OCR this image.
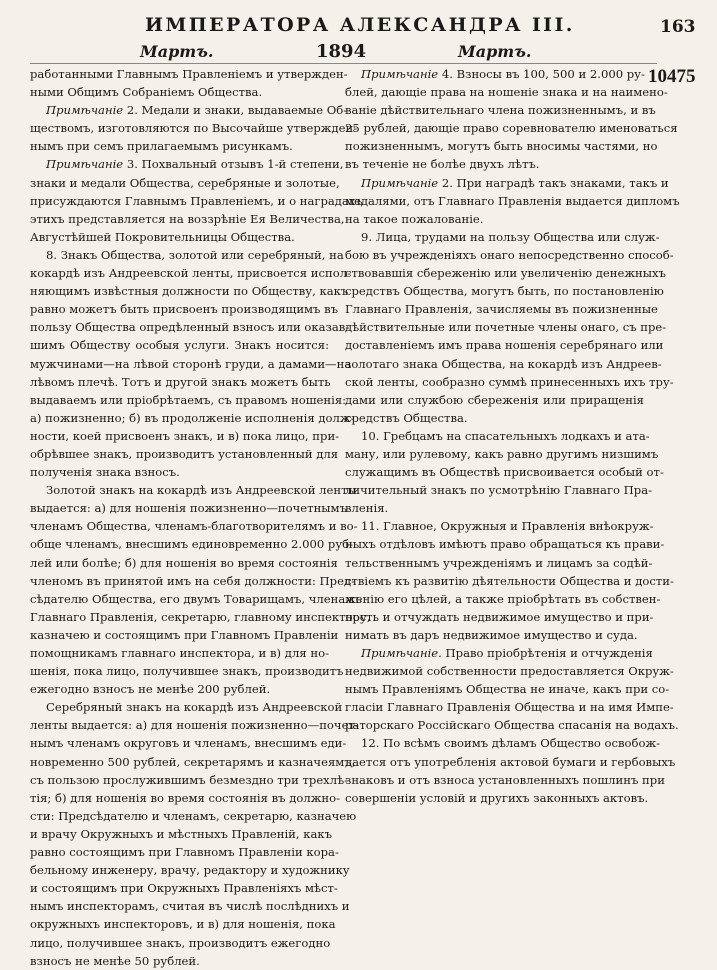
ИМПЕРАТОРА АЛЕКСАНДРА III.	163
Мартъ.	1894	Мартъ.
10475
работанными Главнымъ Правленіемъ и утвержден-
ными Общимъ Собраніемъ Общества.
Примѣчаніе 2. Медали и знаки, выдаваемые Об-
ществомъ, изготовляются по Высочайше утвержден-
нымъ при семъ прилагаемымъ рисункамъ.
Примѣчаніе 3. Похвальный отзывъ 1-й степени,
знаки и медали Общества, серебряные и золотые,
присуждаются Главнымъ Правленіемъ, и о наградахъ
этихъ представляется на воззрѣніе Ея Величества,
Августѣйшей Покровительницы Общества.
8. Знакъ Общества, золотой или серебряный, на
кокардѣ изъ Андреевской ленты, присвоется испол-
няющимъ извѣстныя должности по Обществу, какъ
равно можетъ быть присвоенъ производящимъ въ
пользу Общества опредѣленный взносъ или оказав-
шимъ Обществу особыя услуги. Знакъ носится:
мужчинами—на лѣвой сторонѣ груди, а дамами—на
лѣвомъ плечѣ. Тотъ и другой знакъ можетъ быть
выдаваемъ или пріобрѣтаемъ, съ правомъ ношенія:
а) пожизненно; б) въ продолженіе исполненія долж-
ности, коей присвоенъ знакъ, и в) пока лицо, при-
обрѣвшее знакъ, производитъ установленный для
полученія знака взносъ.
Золотой знакъ на кокардѣ изъ Андреевской ленты
выдается: а) для ношенія пожизненно—почетнымъ
членамъ Общества, членамъ-благотворителямъ и во-
обще членамъ, внесшимъ единовременно 2.000 руб-
лей или болѣе; б) для ношенія во время состоянія
членомъ въ принятой имъ на себя должности: Пред-
сѣдателю Общества, его двумъ Товарищамъ, членамъ
Главнаго Правленія, секретарю, главному инспектору,
казначею и состоящимъ при Главномъ Правленіи
помощникамъ главнаго инспектора, и в) для но-
шенія, пока лицо, получившее знакъ, производитъ
ежегодно взносъ не менѣе 200 рублей.
Серебряный знакъ на кокардѣ изъ Андреевской
ленты выдается: а) для ношенія пожизненно—почет-
нымъ членамъ округовъ и членамъ, внесшимъ еди-
новременно 500 рублей, секретарямъ и казначеямъ,
съ пользою прослужившимъ безмездно три трехлѣ-
тія; б) для ношенія во время состоянія въ должно-
сти: Предсѣдателю и членамъ, секретарю, казначею
и врачу Окружныхъ и мѣстныхъ Правленій, какъ
равно состоящимъ при Главномъ Правленіи кора-
бельному инженеру, врачу, редактору и художнику
и состоящимъ при Окружныхъ Правленіяхъ мѣст-
нымъ инспекторамъ, считая въ числѣ послѣднихъ и
окружныхъ инспекторовъ, и в) для ношенія, пока
лицо, получившее знакъ, производитъ ежегодно
взносъ не менѣе 50 рублей.
Примѣчаніе 4. Взносы въ 100, 500 и 2.000 ру-
блей, дающіе права на ношеніе знака и на наимено-
ваніе дѣйствительнаго члена пожизненнымъ, и въ
25 рублей, дающіе право соревнователю именоваться
пожизненнымъ, могутъ быть вносимы частями, но
въ теченіе не болѣе двухъ лѣтъ.
Примѣчаніе 2. При наградѣ такъ знаками, такъ и
медалями, отъ Главнаго Правленія выдается дипломъ
на такое пожалованіе.
9. Лица, трудами на пользу Общества или служ-
бою въ учрежденіяхъ онаго непосредственно способ-
ствовавшія сбереженію или увеличенію денежныхъ
средствъ Общества, могутъ быть, по постановленію
Главнаго Правленія, зачисляемы въ пожизненные
дѣйствительные или почетные члены онаго, съ пре-
доставленіемъ имъ права ношенія серебрянаго или
золотаго знака Общества, на кокардѣ изъ Андреев-
ской ленты, сообразно суммѣ принесенныхъ ихъ тру-
дами или службою сбереженія или приращенія
средствъ Общества.
10. Гребцамъ на спасательныхъ лодкахъ и ата-
ману, или рулевому, какъ равно другимъ низшимъ
служащимъ въ Обществѣ присвоивается особый от-
личительный знакъ по усмотрѣнію Главнаго Пра-
вленія.
11. Главное, Окружныя и Правленія внѣокруж-
ныхъ отдѣловъ имѣютъ право обращаться къ прави-
тельственнымъ учрежденіямъ и лицамъ за содѣй-
ствіемъ къ развитію дѣятельности Общества и дости-
женію его цѣлей, а также пріобрѣтать въ собствен-
ность и отчуждать недвижимое имущество и при-
нимать въ даръ недвижимое имущество и суда.
Примѣчаніе. Право пріобрѣтенія и отчужденія
недвижимой собственности предоставляется Окруж-
нымъ Правленіямъ Общества не иначе, какъ при со-
гласіи Главнаго Правленія Общества и на имя Импе-
раторскаго Россійскаго Общества спасанія на водахъ.
12. По всѣмъ своимъ дѣламъ Общество освобож-
дается отъ употребленія актовой бумаги и гербовыхъ
знаковъ и отъ взноса установленныхъ пошлинъ при
совершеніи условій и другихъ законныхъ актовъ.
